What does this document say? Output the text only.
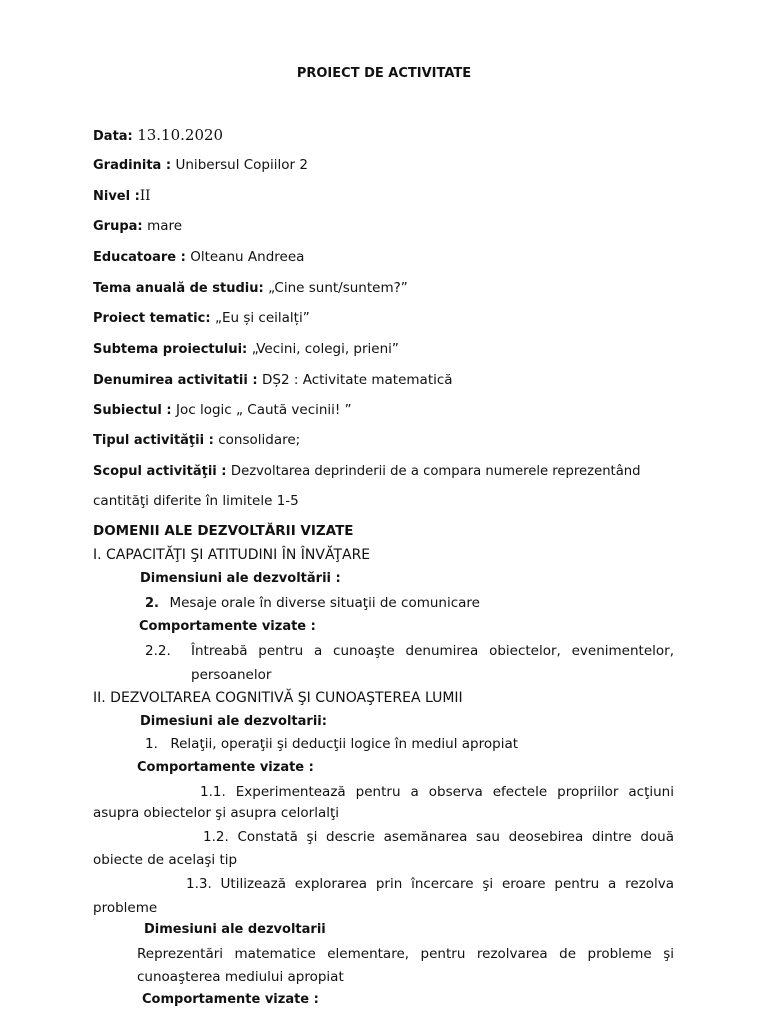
PROIECT DE ACTIVITATE
Data: 13.10.2020
Gradinita : Unibersul Copiilor 2
Nivel :II
Grupa: mare
Educatoare : Olteanu Andreea
Tema anuală de studiu: „Cine sunt/suntem?”
Proiect tematic: „Eu și ceilalți”
Subtema proiectului: „Vecini, colegi, prieni”
Denumirea activitatii : DȘ2 : Activitate matematică
Subiectul : Joc logic „ Caută vecinii! ”
Tipul activităţii : consolidare;
Scopul activităţii : Dezvoltarea deprinderii de a compara numerele reprezentând
cantităţi diferite în limitele 1-5
DOMENII ALE DEZVOLTĂRII VIZATE
I. CAPACITĂŢI ŞI ATITUDINI ÎN ÎNVĂŢARE
Dimensiuni ale dezvoltării :
2. Mesaje orale în diverse situaţii de comunicare
Comportamente vizate :
2.2. Întreabă pentru a cunoaşte denumirea obiectelor, evenimentelor,
persoanelor
II. DEZVOLTAREA COGNITIVĂ ŞI CUNOAŞTEREA LUMII
Dimesiuni ale dezvoltarii:
1. Relaţii, operaţii şi deducţii logice în mediul apropiat
Comportamente vizate :
1.1. Experimentează pentru a observa efectele propriilor acţiuni
asupra obiectelor şi asupra celorlalţi
1.2. Constată şi descrie asemănarea sau deosebirea dintre două
obiecte de acelaşi tip
1.3. Utilizează explorarea prin încercare şi eroare pentru a rezolva
probleme
Dimesiuni ale dezvoltarii
Reprezentări matematice elementare, pentru rezolvarea de probleme şi
cunoaşterea mediului apropiat
Comportamente vizate :
